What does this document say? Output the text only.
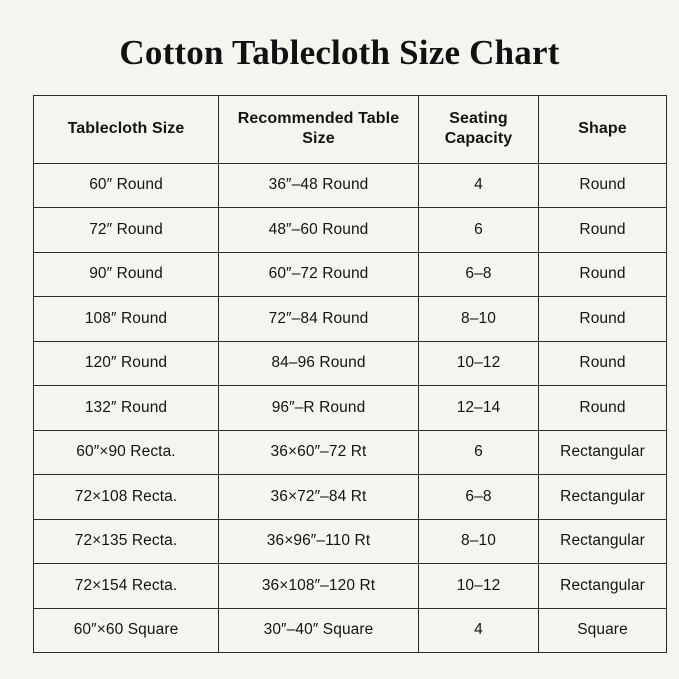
Cotton Tablecloth Size Chart
Tablecloth Size	Recommended Table Size	Seating Capacity	Shape
60″ Round	36″–48 Round	4	Round
72″ Round	48″–60 Round	6	Round
90″ Round	60″–72 Round	6–8	Round
108″ Round	72″–84 Round	8–10	Round
120″ Round	84–96 Round	10–12	Round
132″ Round	96″–R Round	12–14	Round
60″×90 Recta.	36×60″–72 Rt	6	Rectangular
72×108 Recta.	36×72″–84 Rt	6–8	Rectangular
72×135 Recta.	36×96″–110 Rt	8–10	Rectangular
72×154 Recta.	36×108″–120 Rt	10–12	Rectangular
60″×60 Square	30″–40″ Square	4	Square
